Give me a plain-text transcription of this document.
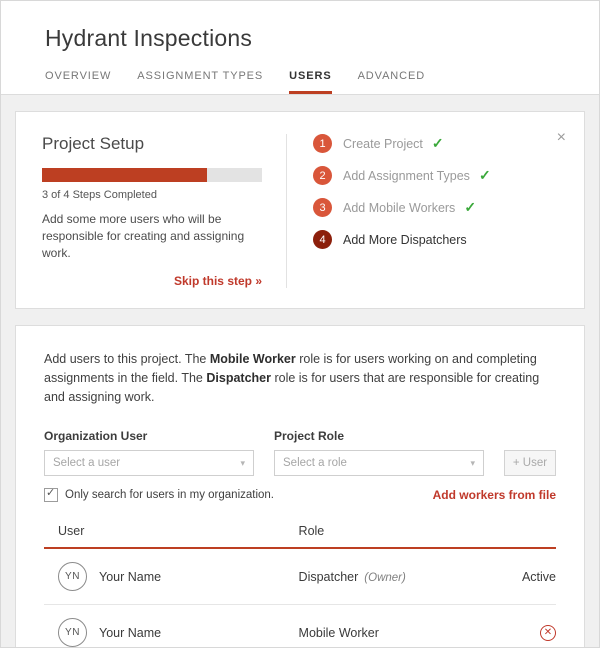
Hydrant Inspections
OVERVIEW ASSIGNMENT TYPES USERS ADVANCED
Project Setup
3 of 4 Steps Completed
Add some more users who will be responsible for creating and assigning work.
Skip this step »
1	Create Project ✓
2	Add Assignment Types ✓
3	Add Mobile Workers ✓
4	Add More Dispatchers
×

Add users to this project. The Mobile Worker role is for users working on and completing assignments in the field. The Dispatcher role is for users that are responsible for creating and assigning work.

Organization User
Select a user	▾
Project Role
Select a role	▾	+ User
✓
Only search for users in my organization.	Add workers from file
User	Role	

YN Your Name	Dispatcher (Owner)	Active

YN Your Name	Mobile Worker	✕
